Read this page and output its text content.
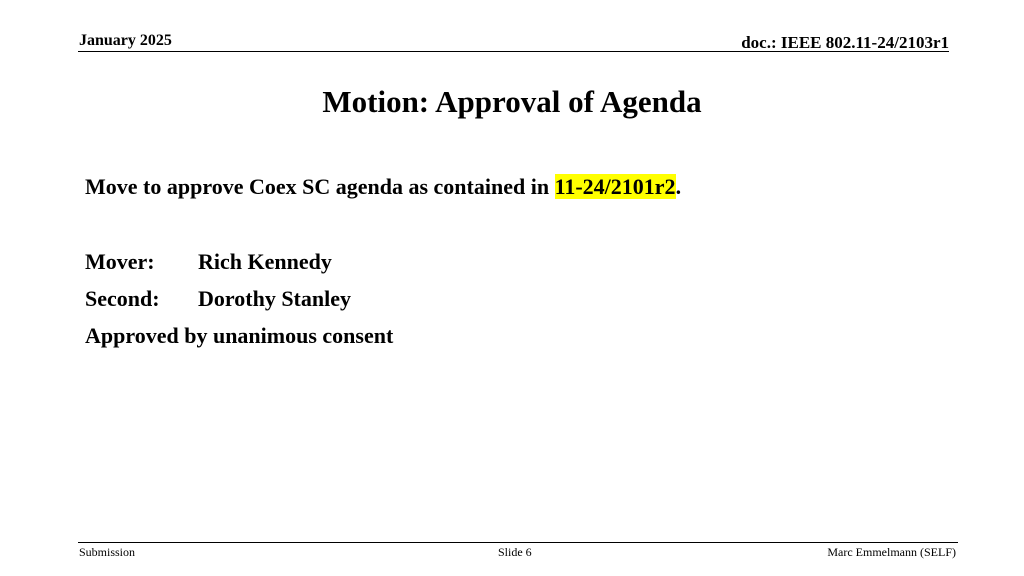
January 2025	doc.: IEEE 802.11-24/2103r1
Motion: Approval of Agenda
Move to approve Coex SC agenda as contained in 11-24/2101r2.
Mover: Rich Kennedy
Second: Dorothy Stanley
Approved by unanimous consent
Submission	Slide 6	Marc Emmelmann (SELF)
